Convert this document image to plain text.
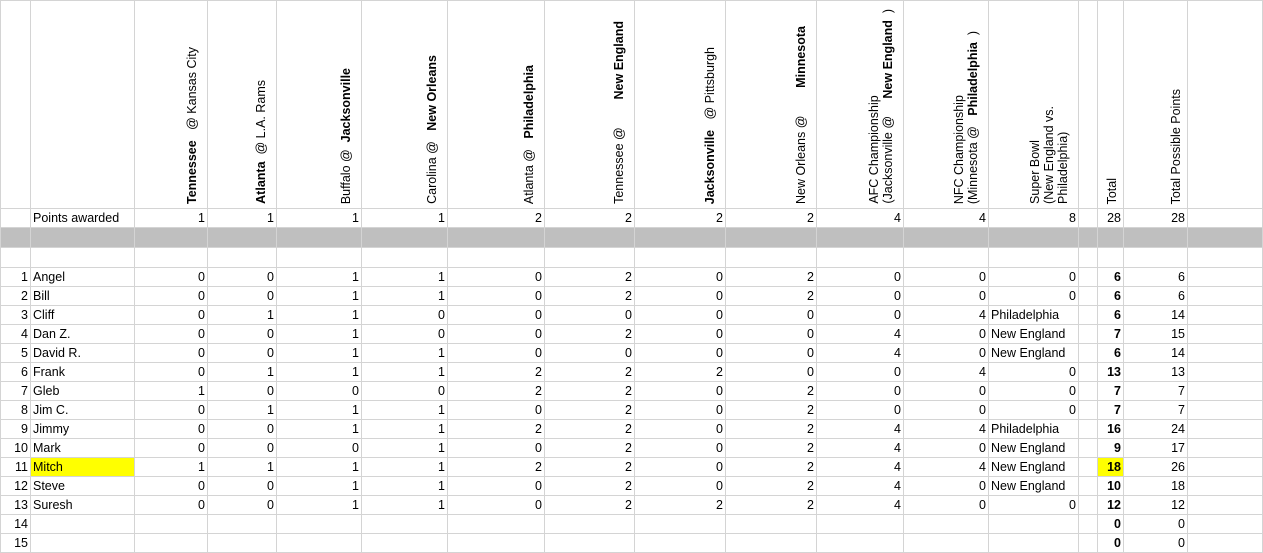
		Tennessee   @ Kansas City	Atlanta  @ L.A. Rams	Buffalo @  Jacksonville	Carolina @   New Orleans	Atlanta @   Philadelphia	Tennessee @        New England	Jacksonville   @ Pittsburgh	New Orleans @        Minnesota	AFC Championship
(Jacksonville @     New England  )	NFC Championship
(Minnesota @   Philadelphia  )	Super Bowl
(New England vs.
Philadelphia)		Total	Total Possible Points		

	Points awarded	1	1	1	1	2	2	2	2	4	4	8		28	28		

1	Angel	0	0	1	1	0	2	0	2	0	0	0		6	6		
2	Bill	0	0	1	1	0	2	0	2	0	0	0		6	6		
3	Cliff	0	1	1	0	0	0	0	0	0	4	Philadelphia		6	14		
4	Dan Z.	0	0	1	0	0	2	0	0	4	0	New England		7	15		
5	David R.	0	0	1	1	0	0	0	0	4	0	New England		6	14		
6	Frank	0	1	1	1	2	2	2	0	0	4	0		13	13		
7	Gleb	1	0	0	0	2	2	0	2	0	0	0		7	7		
8	Jim C.	0	1	1	1	0	2	0	2	0	0	0		7	7		
9	Jimmy	0	0	1	1	2	2	0	2	4	4	Philadelphia		16	24		
10	Mark	0	0	0	1	0	2	0	2	4	0	New England		9	17		
11	Mitch	1	1	1	1	2	2	0	2	4	4	New England		18	26		
12	Steve	0	0	1	1	0	2	0	2	4	0	New England		10	18		
13	Suresh	0	0	1	1	0	2	2	2	4	0	0		12	12		
14														0	0		
15														0	0		
